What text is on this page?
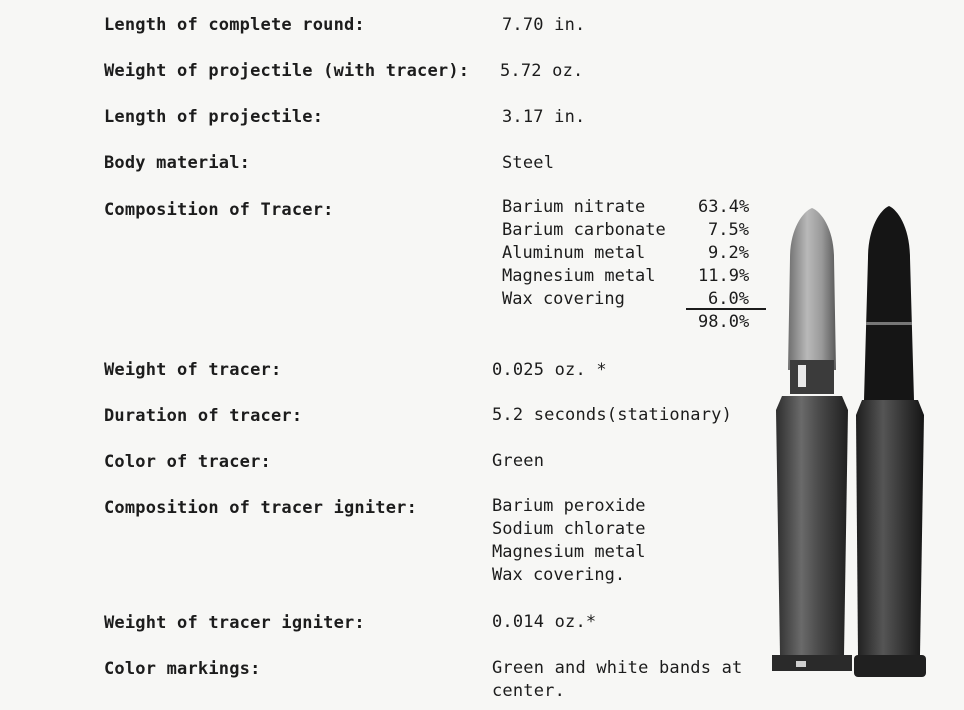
Length of complete round:	7.70 in.
Weight of projectile (with tracer): 5.72 oz.
Length of projectile:	3.17 in.
Body material:	Steel
Composition of Tracer:	Barium nitrate	63.4%
Barium carbonate 7.5%
Aluminum metal	9.2%
Magnesium metal 11.9%
Wax covering	6.0%
98.0%
Weight of tracer:	0.025 oz. *
Duration of tracer:	5.2 seconds(stationary)
Color of tracer:	Green
Composition of tracer igniter:	Barium peroxide
Sodium chlorate
Magnesium metal
Wax covering.
Weight of tracer igniter:	0.014 oz.*
Color markings:	Green and white bands at
center.
